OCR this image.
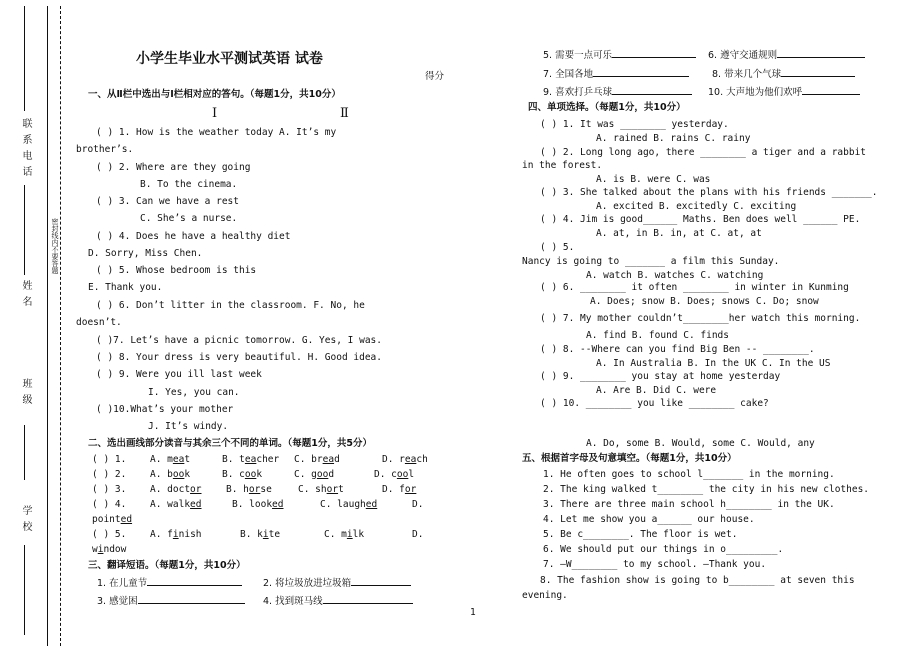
联系电话
姓名
班级
学校
密封线内不要答题
小学生毕业水平测试英语 试卷
得分
一、从Ⅱ栏中选出与Ⅰ栏相对应的答句。（每题1分，共10分）
Ⅰ	Ⅱ
( ) 1. How is the weather today A. It’s my
brother’s.
( ) 2. Where are they going
B. To the cinema.
( ) 3. Can we have a rest
C. She’s a nurse.
( ) 4. Does he have a healthy diet
D. Sorry, Miss Chen.
( ) 5. Whose bedroom is this
E. Thank you.
( ) 6. Don’t litter in the classroom. F. No, he
doesn’t.
( )7. Let’s have a picnic tomorrow. G. Yes, I was.
( ) 8. Your dress is very beautiful. H. Good idea.
( ) 9. Were you ill last week
I. Yes, you can.
( )10.What’s your mother
J. It’s windy.
二、选出画线部分读音与其余三个不同的单词。（每题1分，共5分）
( ) 1. A. meat	B. teacher C. bread	D. reach
( ) 2. A. book	B. cook	C. good	D. cool
( ) 3. A. doctor	B. horse	C. short	D. for
( ) 4. A. walked	B. looked	C. laughed	D.
pointed
( ) 5. A. finish	B. kite	C. milk	D.
window
三、翻译短语。（每题1分，共10分）
1. 在儿童节	2. 将垃圾放进垃圾箱
3. 感觉困	4. 找到斑马线
5. 需要一点可乐	6. 遵守交通规则
7. 全国各地	8. 带来几个气球
9. 喜欢打乒乓球	10. 大声地为他们欢呼
四、单项选择。（每题1分，共10分）
( ) 1. It was ________ yesterday.
A. rained B. rains C. rainy
( ) 2. Long long ago, there ________ a tiger and a rabbit
in the forest.
A. is B. were C. was
( ) 3. She talked about the plans with his friends _______.
A. excited B. excitedly C. exciting
( ) 4. Jim is good______ Maths. Ben does well ______ PE.
A. at, in B. in, at C. at, at
( ) 5.
Nancy is going to _______ a film this Sunday.
A. watch B. watches C. watching
( ) 6. ________ it often ________ in winter in Kunming
A. Does; snow B. Does; snows C. Do; snow
( ) 7. My mother couldn’t________her watch this morning.
A. find B. found C. finds
( ) 8. --Where can you find Big Ben -- ________.
A. In Australia B. In the UK C. In the US
( ) 9. ________ you stay at home yesterday
A. Are B. Did C. were
( ) 10. ________ you like ________ cake?
A. Do, some B. Would, some C. Would, any
五、根据首字母及句意填空。（每题1分，共10分）
1. He often goes to school l_______ in the morning.
2. The king walked t________ the city in his new clothes.
3. There are three main school h________ in the UK.
4. Let me show you a______ our house.
5. Be c________. The floor is wet.
6. We should put our things in o_________.
7. —W________ to my school. –Thank you.
8. The fashion show is going to b________ at seven this
evening.
1
